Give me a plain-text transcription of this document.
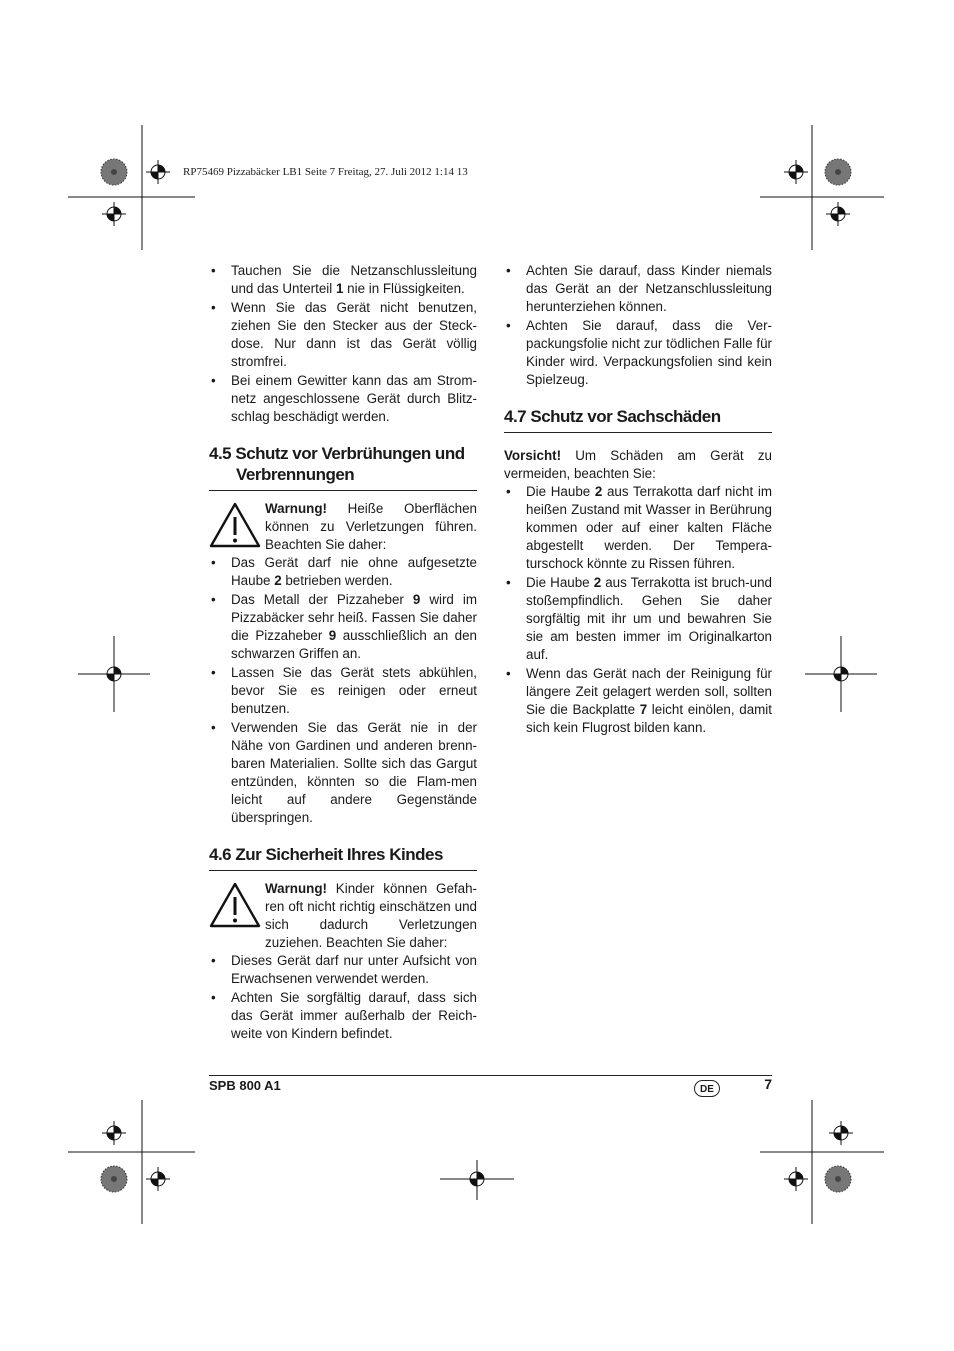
RP75469 Pizzabäcker LB1 Seite 7 Freitag, 27. Juli 2012 1:14 13
• Tauchen Sie die Netzanschlussleitung und das Unterteil 1 nie in Flüssigkeiten.
• Wenn Sie das Gerät nicht benutzen, ziehen Sie den Stecker aus der Steck-dose. Nur dann ist das Gerät völlig stromfrei.
• Bei einem Gewitter kann das am Strom-netz angeschlossene Gerät durch Blitz-schlag beschädigt werden.
4.5 Schutz vor Verbrühungen und
Verbrennungen

Warnung! Heiße Oberflächen können zu Verletzungen führen. Beachten Sie daher:

• Das Gerät darf nie ohne aufgesetzte Haube 2 betrieben werden.
• Das Metall der Pizzaheber 9 wird im Pizzabäcker sehr heiß. Fassen Sie daher die Pizzaheber 9 ausschließlich an den schwarzen Griffen an.
• Lassen Sie das Gerät stets abkühlen, bevor Sie es reinigen oder erneut benutzen.
• Verwenden Sie das Gerät nie in der Nähe von Gardinen und anderen brenn-baren Materialien. Sollte sich das Gargut entzünden, könnten so die Flam-men leicht auf andere Gegenstände überspringen.
4.6 Zur Sicherheit Ihres Kindes

Warnung! Kinder können Gefah-ren oft nicht richtig einschätzen und sich dadurch Verletzungen zuziehen. Beachten Sie daher:

• Dieses Gerät darf nur unter Aufsicht von Erwachsenen verwendet werden.
• Achten Sie sorgfältig darauf, dass sich das Gerät immer außerhalb der Reich-weite von Kindern befindet.
• Achten Sie darauf, dass Kinder niemals das Gerät an der Netzanschlussleitung herunterziehen können.
• Achten Sie darauf, dass die Ver-packungsfolie nicht zur tödlichen Falle für Kinder wird. Verpackungsfolien sind kein Spielzeug.
4.7 Schutz vor Sachschäden

Vorsicht! Um Schäden am Gerät zu vermeiden, beachten Sie:

• Die Haube 2 aus Terrakotta darf nicht im heißen Zustand mit Wasser in Berührung kommen oder auf einer kalten Fläche abgestellt werden. Der Tempera-turschock könnte zu Rissen führen.
• Die Haube 2 aus Terrakotta ist bruch-und stoßempfindlich. Gehen Sie daher sorgfältig mit ihr um und bewahren Sie sie am besten immer im Originalkarton auf.
• Wenn das Gerät nach der Reinigung für längere Zeit gelagert werden soll, sollten Sie die Backplatte 7 leicht einölen, damit sich kein Flugrost bilden kann.
SPB 800 A1	DE	7
